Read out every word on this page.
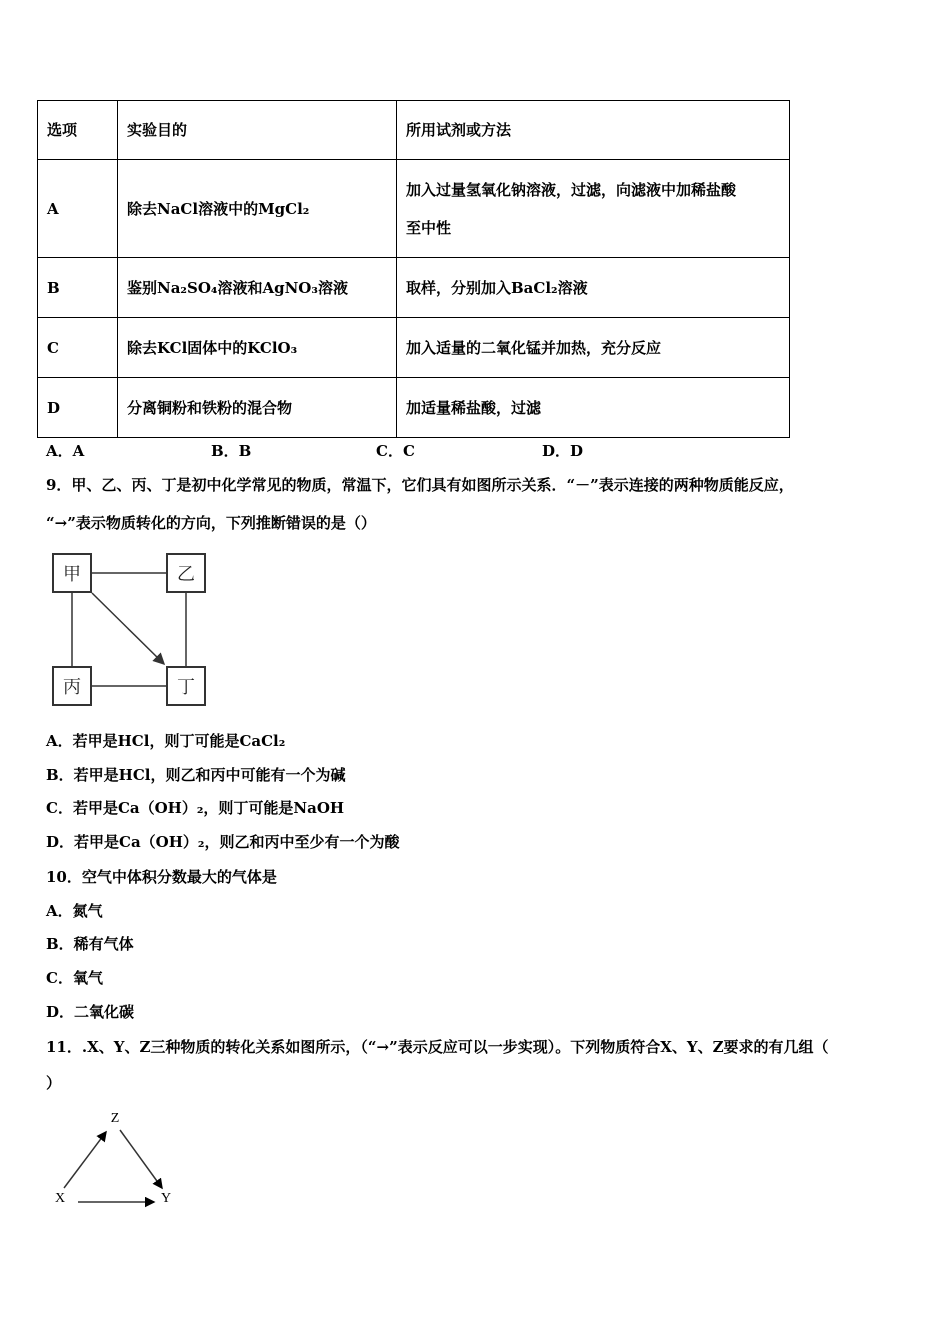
选项	实验目的	所用试剂或方法
A	除去NaCl溶液中的MgCl₂	加入过量氢氧化钠溶液，过滤，向滤液中加稀盐酸
至中性

B	鉴别Na₂SO₄溶液和AgNO₃溶液	取样，分别加入BaCl₂溶液
C	除去KCl固体中的KClO₃	加入适量的二氧化锰并加热，充分反应
D	分离铜粉和铁粉的混合物	加适量稀盐酸，过滤
A．A	B．B	C．C	D．D
9．甲、乙、丙、丁是初中化学常见的物质，常温下，它们具有如图所示关系．“－”表示连接的两种物质能反应，
“→”表示物质转化的方向，下列推断错误的是（）
甲	乙
丙	丁
A．若甲是HCl，则丁可能是CaCl₂
B．若甲是HCl，则乙和丙中可能有一个为碱
C．若甲是Ca（OH）₂，则丁可能是NaOH
D．若甲是Ca（OH）₂，则乙和丙中至少有一个为酸
10．空气中体积分数最大的气体是
A．氮气
B．稀有气体
C．氧气
D．二氧化碳
11．.X、Y、Z三种物质的转化关系如图所示，（“→”表示反应可以一步实现）。下列物质符合X、Y、Z要求的有几组（
）
Z
X	Y
